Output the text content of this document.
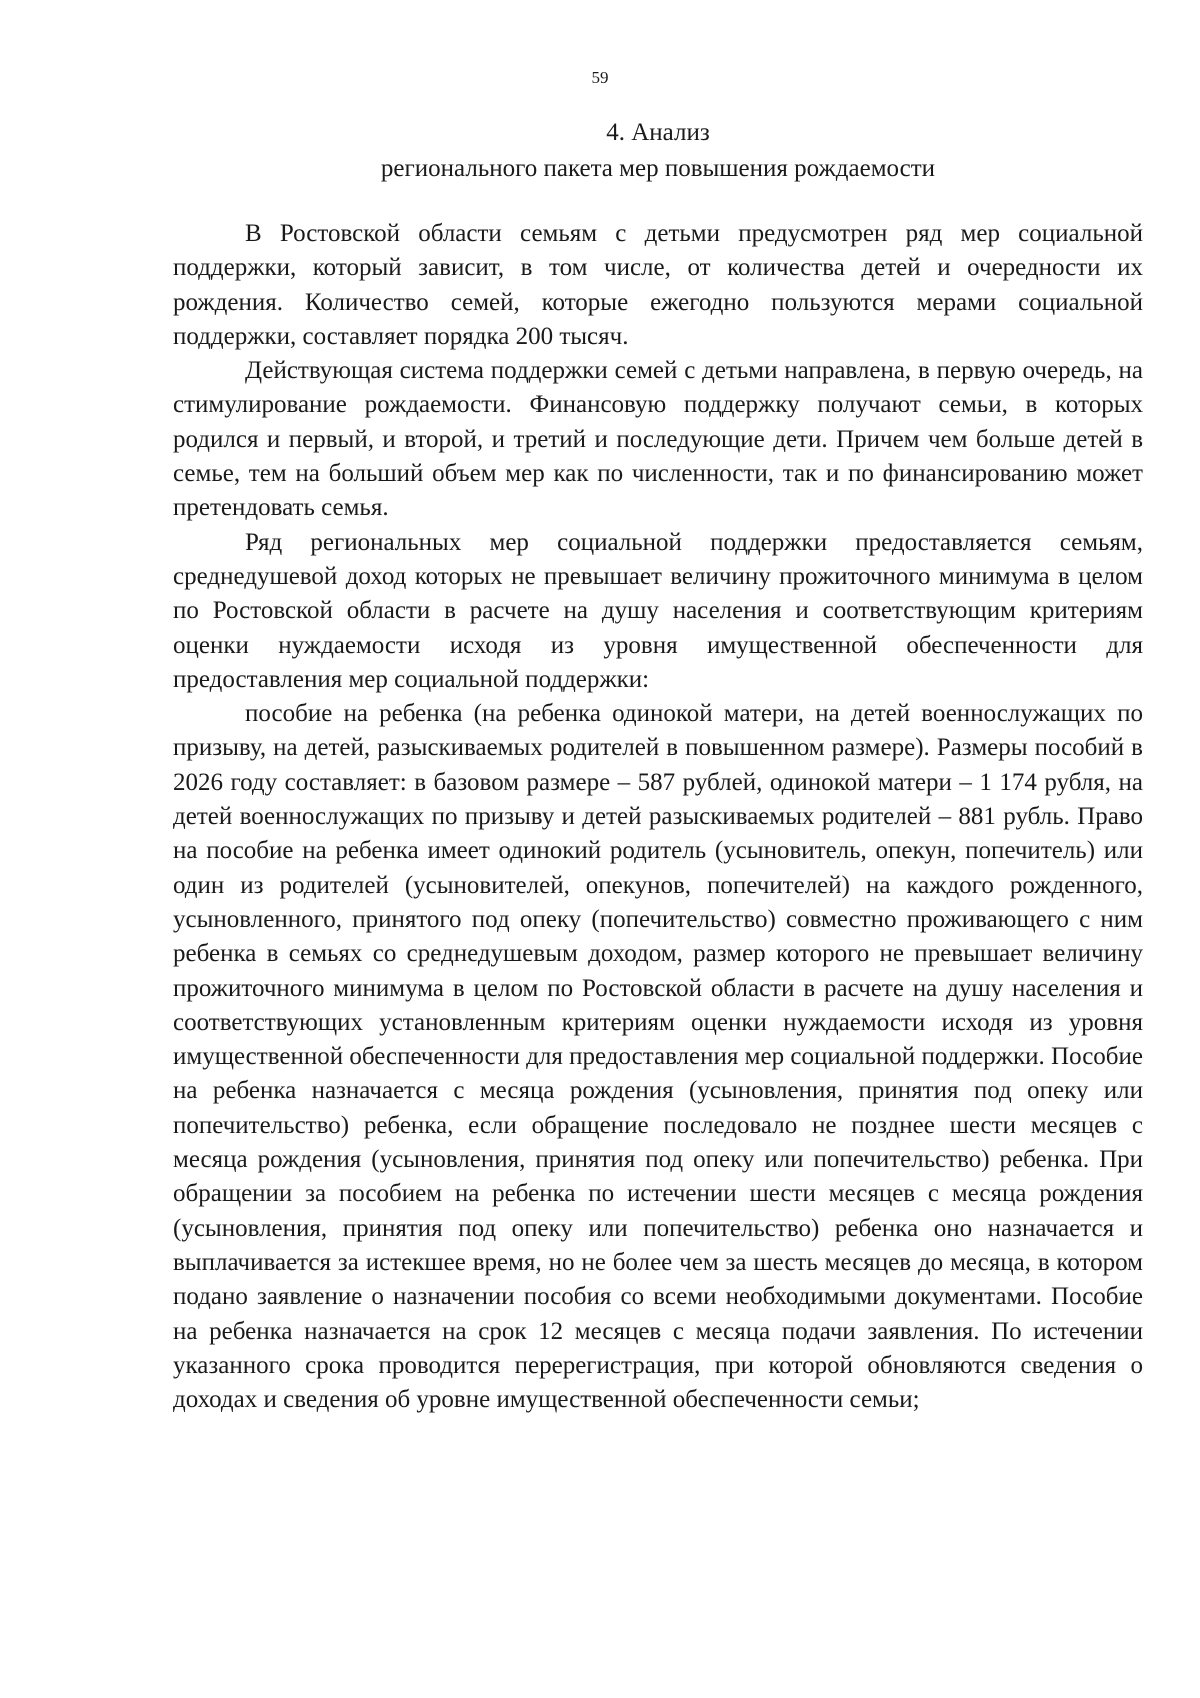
59
4. Анализ
регионального пакета мер повышения рождаемости

В Ростовской области семьям с детьми предусмотрен ряд мер социальной поддержки, который зависит, в том числе, от количества детей и очередности их рождения. Количество семей, которые ежегодно пользуются мерами социальной поддержки, составляет порядка 200 тысяч.

Действующая система поддержки семей с детьми направлена, в первую очередь, на стимулирование рождаемости. Финансовую поддержку получают семьи, в которых родился и первый, и второй, и третий и последующие дети. Причем чем больше детей в семье, тем на больший объем мер как по численности, так и по финансированию может претендовать семья.

Ряд региональных мер социальной поддержки предоставляется семьям, среднедушевой доход которых не превышает величину прожиточного минимума в целом по Ростовской области в расчете на душу населения и соответствующим критериям оценки нуждаемости исходя из уровня имущественной обеспеченности для предоставления мер социальной поддержки:

пособие на ребенка (на ребенка одинокой матери, на детей военнослужащих по призыву, на детей, разыскиваемых родителей в повышенном размере). Размеры пособий в 2026 году составляет: в базовом размере – 587 рублей, одинокой матери – 1 174 рубля, на детей военнослужащих по призыву и детей разыскиваемых родителей – 881 рубль. Право на пособие на ребенка имеет одинокий родитель (усыновитель, опекун, попечитель) или один из родителей (усыновителей, опекунов, попечителей) на каждого рожденного, усыновленного, принятого под опеку (попечительство) совместно проживающего с ним ребенка в семьях со среднедушевым доходом, размер которого не превышает величину прожиточного минимума в целом по Ростовской области в расчете на душу населения и соответствующих установленным критериям оценки нуждаемости исходя из уровня имущественной обеспеченности для предоставления мер социальной поддержки. Пособие на ребенка назначается с месяца рождения (усыновления, принятия под опеку или попечительство) ребенка, если обращение последовало не позднее шести месяцев с месяца рождения (усыновления, принятия под опеку или попечительство) ребенка. При обращении за пособием на ребенка по истечении шести месяцев с месяца рождения (усыновления, принятия под опеку или попечительство) ребенка оно назначается и выплачивается за истекшее время, но не более чем за шесть месяцев до месяца, в котором подано заявление о назначении пособия со всеми необходимыми документами. Пособие на ребенка назначается на срок 12 месяцев с месяца подачи заявления. По истечении указанного срока проводится перерегистрация, при которой обновляются сведения о доходах и сведения об уровне имущественной обеспеченности семьи;
